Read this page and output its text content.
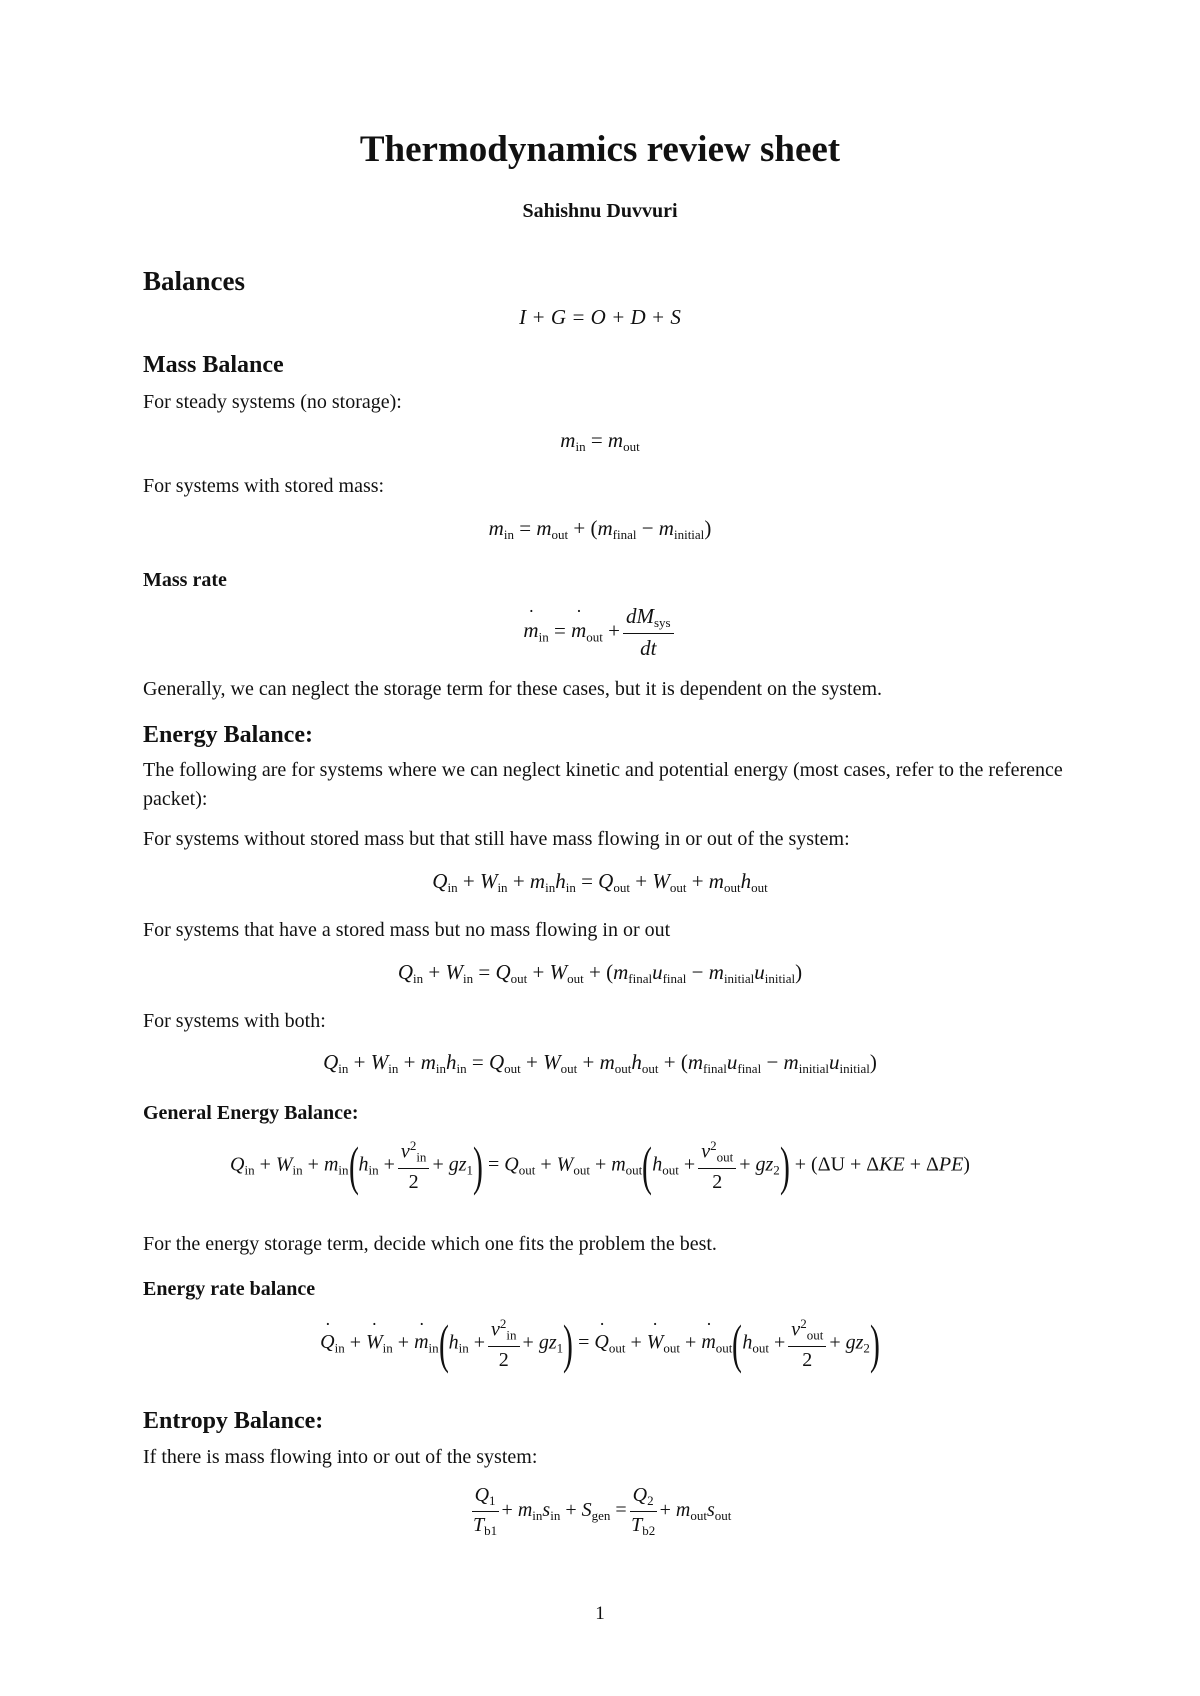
Thermodynamics review sheet
Sahishnu Duvvuri
Balances
I + G = O + D + S
Mass Balance
For steady systems (no storage):
$m_{in} = m_{out}$
For systems with stored mass:
$m_{in} = m_{out} + (m_{final} - m_{initial})$
Mass rate
m $˙_{in} = m$ $˙_{out} + \frac{dM_{sys}}{dt}$
Generally, we can neglect the storage term for these cases, but it is dependent on the system.
Energy Balance:
The following are for systems where we can neglect kinetic and potential energy (most cases, refer to the reference packet):
For systems without stored mass but that still have mass flowing in or out of the system:
$Q_{in} + W_{in} + m_{in}h_{in} = Q_{out} + W_{out} + m_{out}h_{out}$
For systems that have a stored mass but no mass flowing in or out
$Q_{in} + W_{in} = Q_{out} + W_{out} + (m_{final}u_{final} - m_{initial}u_{initial})$
For systems with both:
$Q_{in} + W_{in} + m_{in}h_{in} = Q_{out} + W_{out} + m_{out}h_{out} + (m_{final}u_{final} - m_{initial}u_{initial})$
General Energy Balance:
$Q_{in} + W_{in} + m_{in}(h_{in} + \frac{v^2_{in}}{2} + gz_1) = Q_{out} + W_{out} + m_{out}(h_{out} + \frac{v^2_{out}}{2} + gz_2) + (\Delta U + \Delta KE + \Delta PE)$
For the energy storage term, decide which one fits the problem the best.
Energy rate balance
Q $˙_{in} + W$ $˙_{in} + m$ $˙_{in}(h_{in} + \frac{v^2_{in}}{2} + gz_1) = Q$ $˙_{out} + W$ $˙_{out} + m$ $˙_{out}(h_{out} + \frac{v^2_{out}}{2} + gz_2)$
Entropy Balance:
If there is mass flowing into or out of the system:
$\frac{Q_1}{T_{b1}} + m_{in}s_{in} + S_{gen} = \frac{Q_2}{T_{b2}} + m_{out}s_{out}$
1
